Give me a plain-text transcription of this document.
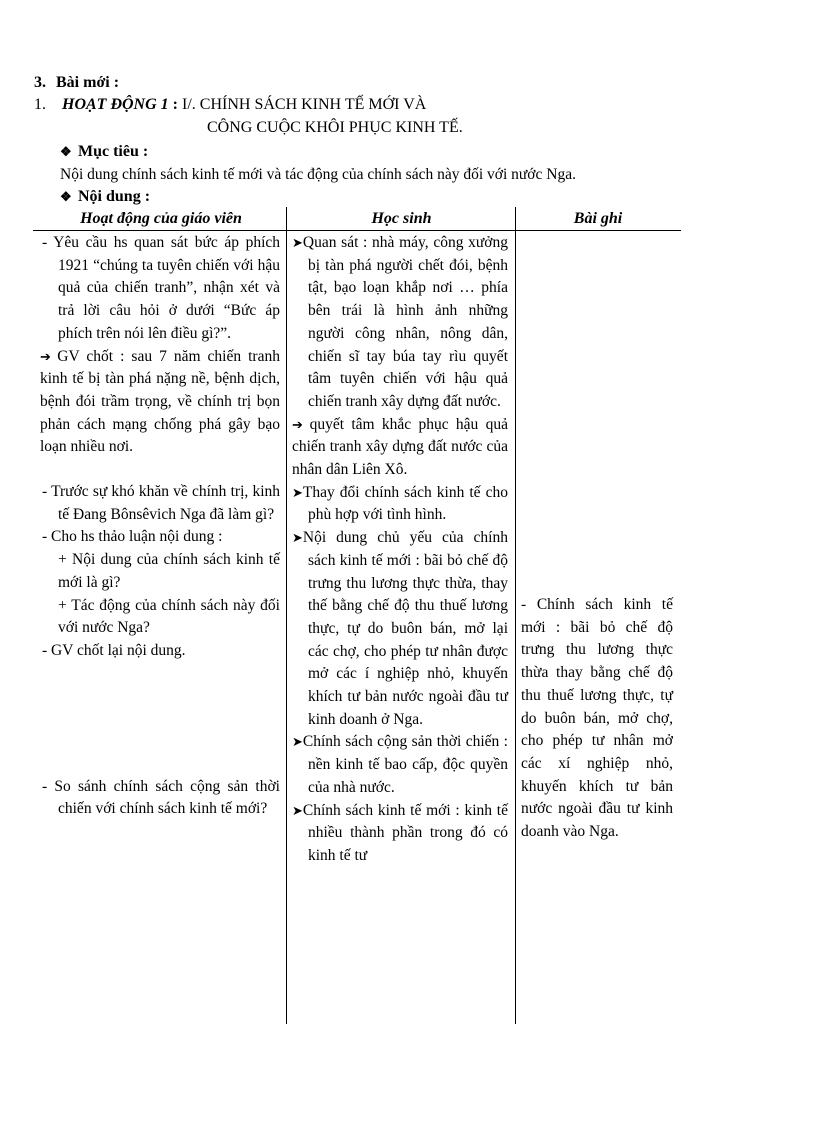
3. Bài mới :
1. HOẠT ĐỘNG 1 : I/. CHÍNH SÁCH KINH TẾ MỚI VÀ
CÔNG CUỘC KHÔI PHỤC KINH TẾ.
❖ Mục tiêu :
Nội dung chính sách kinh tế mới và tác động của chính sách này đối với nước Nga.
❖ Nội dung :
Hoạt động của giáo viên	Học sinh	Bài ghi

- Yêu cầu hs quan sát bức áp phích 1921 “chúng ta tuyên chiến với hậu quả của chiến tranh”, nhận xét và trả lời câu hỏi ở dưới “Bức áp phích trên nói lên điều gì?”.

➔ GV chốt : sau 7 năm chiến tranh kinh tế bị tàn phá nặng nề, bệnh dịch, bệnh đói trầm trọng, về chính trị bọn phản cách mạng chống phá gây bạo loạn nhiều nơi.

- Trước sự khó khăn về chính trị, kinh tế Đang Bônsêvich Nga đã làm gì?

- Cho hs thảo luận nội dung :

+ Nội dung của chính sách kinh tế mới là gì?

+ Tác động của chính sách này đối với nước Nga?

- GV chốt lại nội dung.

- So sánh chính sách cộng sản thời chiến với chính sách kinh tế mới?

➤Quan sát : nhà máy, công xưởng bị tàn phá người chết đói, bệnh tật, bạo loạn khắp nơi … phía bên trái là hình ảnh những người công nhân, nông dân, chiến sĩ tay búa tay rìu quyết tâm tuyên chiến với hậu quả chiến tranh xây dựng đất nước.

➔ quyết tâm khắc phục hậu quả chiến tranh xây dựng đất nước của nhân dân Liên Xô.

➤Thay đổi chính sách kinh tế cho phù hợp với tình hình.

➤Nội dung chủ yếu của chính sách kinh tế mới : bãi bỏ chế độ trưng thu lương thực thừa, thay thế bằng chế độ thu thuế lương thực, tự do buôn bán, mở lại các chợ, cho phép tư nhân được mở các í nghiệp nhỏ, khuyến khích tư bản nước ngoài đầu tư kinh doanh ở Nga.

➤Chính sách cộng sản thời chiến : nền kinh tế bao cấp, độc quyền của nhà nước.

➤Chính sách kinh tế mới : kinh tế nhiều thành phần trong đó có kinh tế tư

- Chính sách kinh tế mới : bãi bỏ chế độ trưng thu lương thực thừa thay bằng chế độ thu thuế lương thực, tự do buôn bán, mở chợ, cho phép tư nhân mở các xí nghiệp nhỏ, khuyến khích tư bản nước ngoài đầu tư kinh doanh vào Nga.
